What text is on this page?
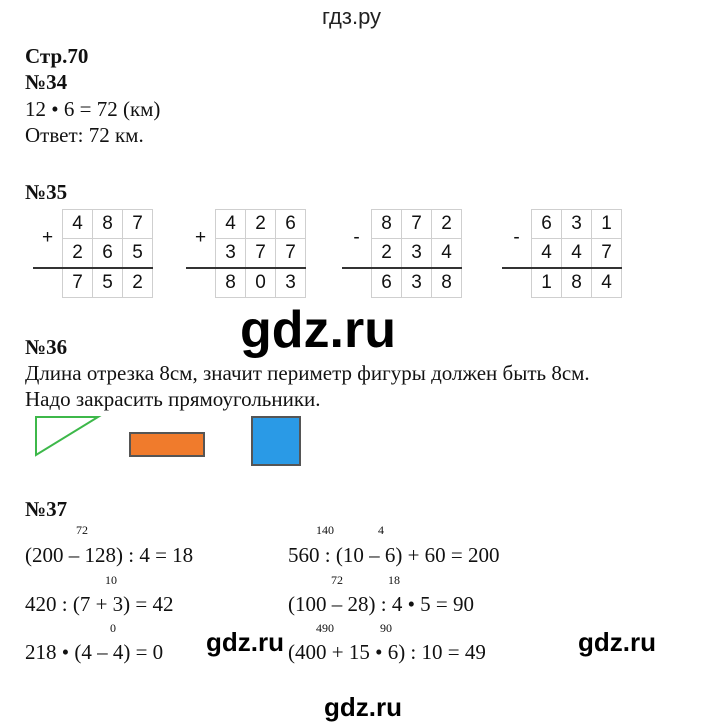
гдз.ру
Стр.70
№34
12 • 6 = 72 (км)
Ответ: 72 км.
№35
+	4	8	7
	2	6	5
	7	5	2
+	4	2	6
	3	7	7
	8	0	3
-	8	7	2
	2	3	4
	6	3	8
-	6	3	1
	4	4	7
	1	8	4
gdz.ru
№36
Длина отрезка 8см, значит периметр фигуры должен быть 8см.
Надо закрасить прямоугольники.
№37
72
(200 – 128) : 4 = 18
140	4
560 : (10 – 6) + 60 = 200
10
420 : (7 + 3) = 42
72	18
(100 – 28) : 4 • 5 = 90
0
218 • (4 – 4) = 0
490	90
(400 + 15 • 6) : 10 = 49
gdz.ru	gdz.ru
gdz.ru
